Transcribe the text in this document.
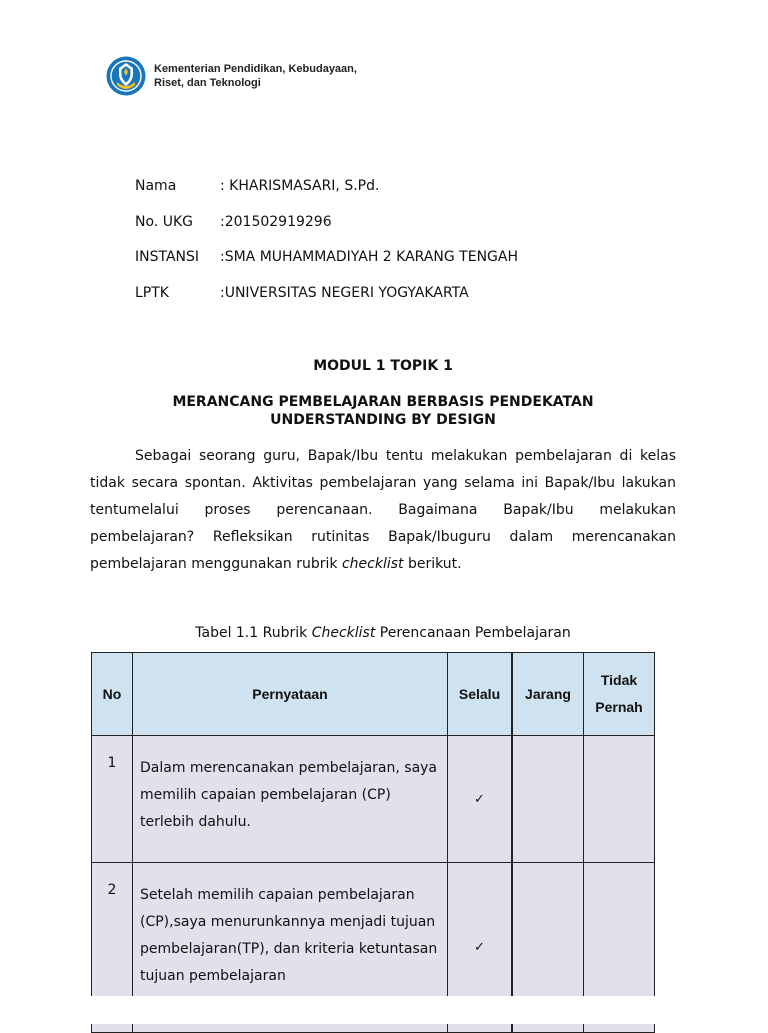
Kementerian Pendidikan, Kebudayaan,
Riset, dan Teknologi
Nama	: KHARISMASARI, S.Pd.
No. UKG	:201502919296
INSTANSI	:SMA MUHAMMADIYAH 2 KARANG TENGAH
LPTK	:UNIVERSITAS NEGERI YOGYAKARTA
MODUL 1 TOPIK 1
MERANCANG PEMBELAJARAN BERBASIS PENDEKATAN
UNDERSTANDING BY DESIGN

Sebagai seorang guru, Bapak/Ibu tentu melakukan pembelajaran di kelas tidak secara spontan. Aktivitas pembelajaran yang selama ini Bapak/Ibu lakukan tentumelalui proses perencanaan. Bagaimana Bapak/Ibu melakukan pembelajaran? Refleksikan rutinitas Bapak/Ibuguru dalam merencanakan pembelajaran menggunakan rubrik checklist berikut.

Tabel 1.1 Rubrik Checklist Perencanaan Pembelajaran
No	Pernyataan	Selalu	Jarang	Tidak
Pernah

1	Dalam merencanakan pembelajaran, saya memilih capaian pembelajaran (CP) terlebih dahulu.	✓		
2	Setelah memilih capaian pembelajaran (CP),saya menurunkannya menjadi tujuan pembelajaran(TP), dan kriteria ketuntasan tujuan pembelajaran	✓		
